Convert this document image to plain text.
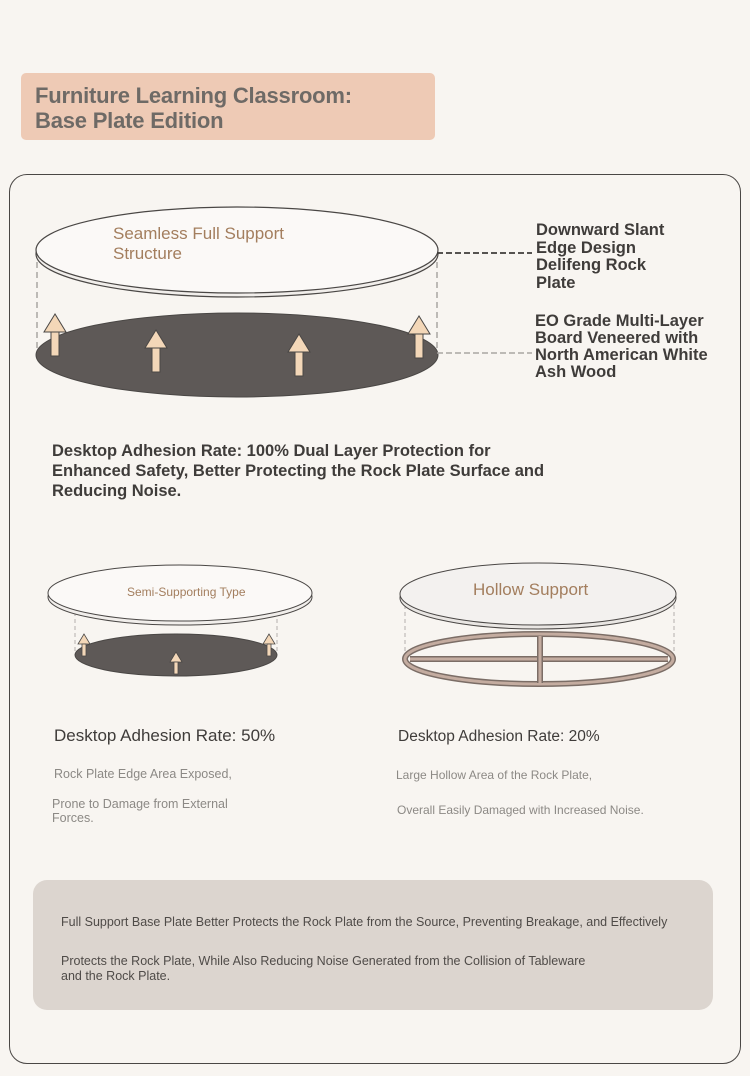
Furniture Learning Classroom:
Base Plate Edition
Seamless Full Support
Structure
Downward Slant
Edge Design
Delifeng Rock
Plate
EO Grade Multi-Layer
Board Veneered with
North American White
Ash Wood
Desktop Adhesion Rate: 100% Dual Layer Protection for
Enhanced Safety, Better Protecting the Rock Plate Surface and
Reducing Noise.
Semi-Supporting Type
Desktop Adhesion Rate: 50%
Rock Plate Edge Area Exposed,
Prone to Damage from External
Forces.
Hollow Support
Desktop Adhesion Rate: 20%
Large Hollow Area of the Rock Plate,
Overall Easily Damaged with Increased Noise.
Full Support Base Plate Better Protects the Rock Plate from the Source, Preventing Breakage, and Effectively
Protects the Rock Plate, While Also Reducing Noise Generated from the Collision of Tableware
and the Rock Plate.
